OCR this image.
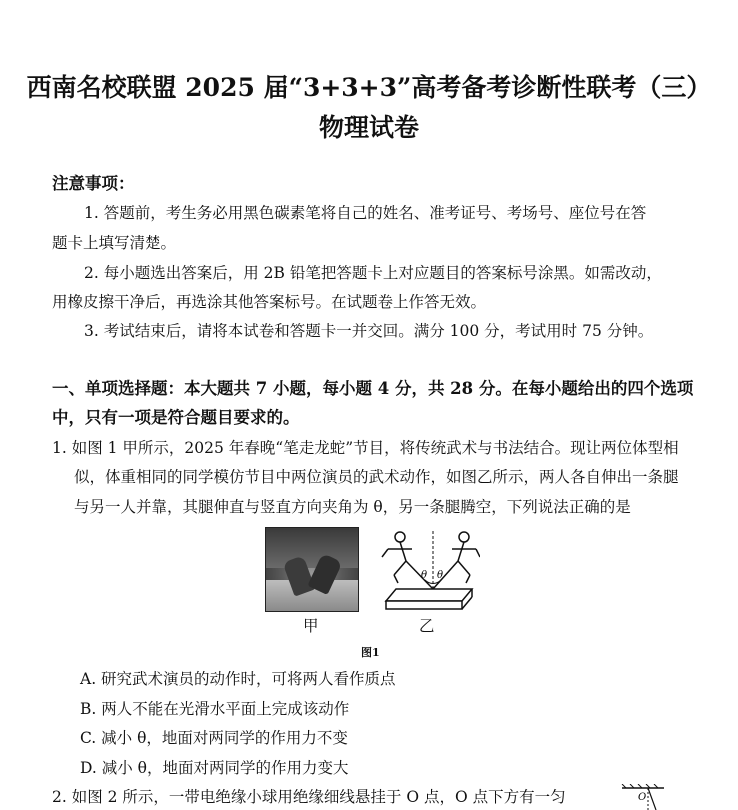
西南名校联盟 2025 届“3+3+3”高考备考诊断性联考（三）
物理试卷
注意事项：
1. 答题前，考生务必用黑色碳素笔将自己的姓名、准考证号、考场号、座位号在答
题卡上填写清楚。
2. 每小题选出答案后，用 2B 铅笔把答题卡上对应题目的答案标号涂黑。如需改动，
用橡皮擦干净后，再选涂其他答案标号。在试题卷上作答无效。
3. 考试结束后，请将本试卷和答题卡一并交回。满分 100 分，考试用时 75 分钟。
一、单项选择题：本大题共 7 小题，每小题 4 分，共 28 分。在每小题给出的四个选项
中，只有一项是符合题目要求的。
1. 如图 1 甲所示，2025 年春晚“笔走龙蛇”节目，将传统武术与书法结合。现让两位体型相
似，体重相同的同学模仿节目中两位演员的武术动作，如图乙所示，两人各自伸出一条腿
与另一人并靠，其腿伸直与竖直方向夹角为 θ，另一条腿腾空，下列说法正确的是
θ θ
甲	乙
图1
A. 研究武术演员的动作时，可将两人看作质点
B. 两人不能在光滑水平面上完成该动作
C. 减小 θ，地面对两同学的作用力不变
D. 减小 θ，地面对两同学的作用力变大
2. 如图 2 所示，一带电绝缘小球用绝缘细线悬挂于 O 点，O 点下方有一匀	O
